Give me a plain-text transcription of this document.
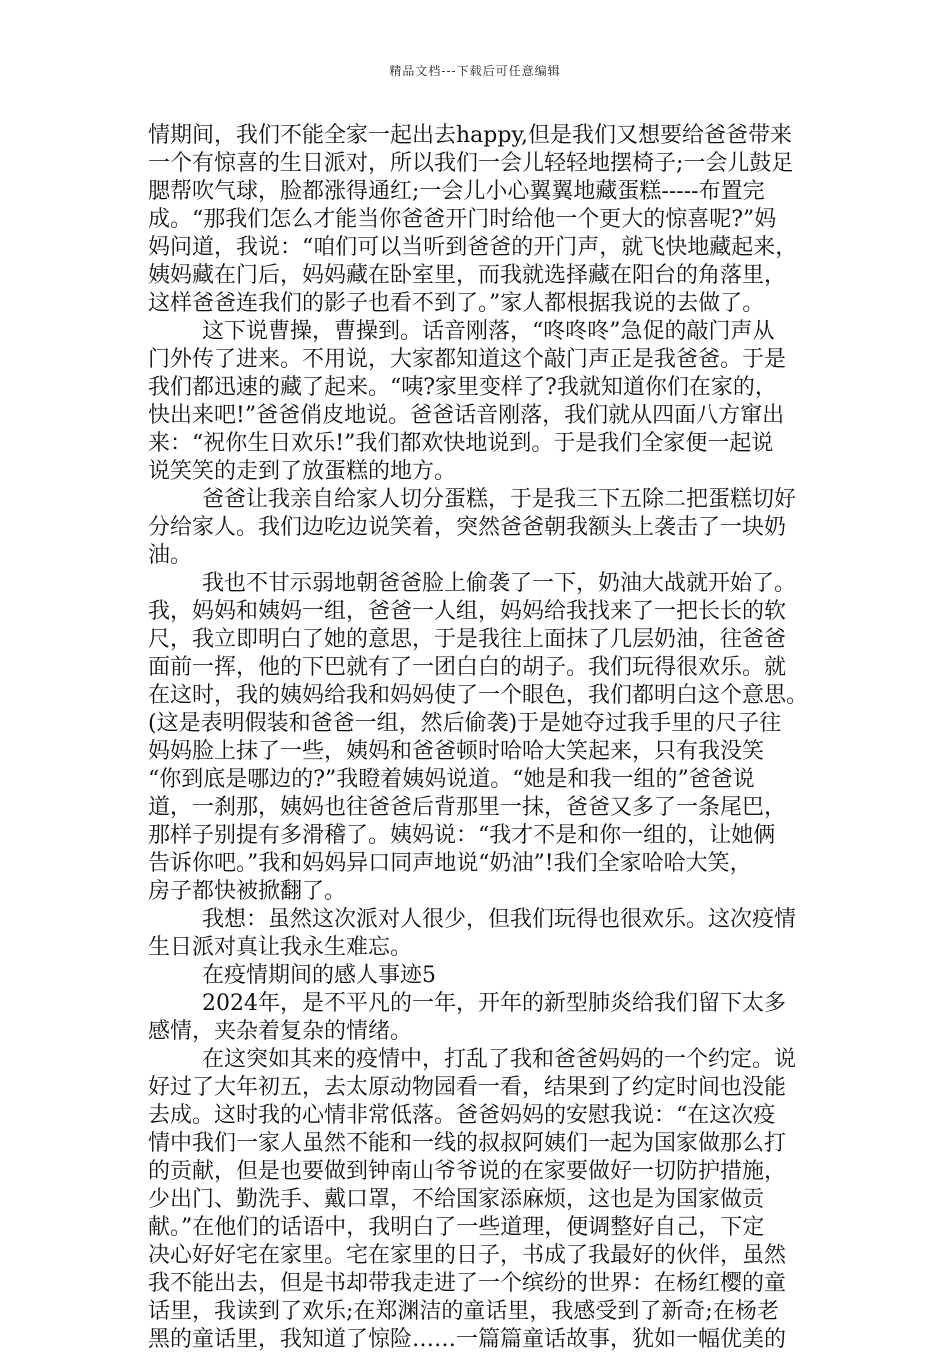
精品文档---下载后可任意编辑
情期间，我们不能全家一起出去happy,但是我们又想要给爸爸带来
一个有惊喜的生日派对，所以我们一会儿轻轻地摆椅子;一会儿鼓足
腮帮吹气球，脸都涨得通红;一会儿小心翼翼地藏蛋糕-----布置完
成。“那我们怎么才能当你爸爸开门时给他一个更大的惊喜呢?”妈
妈问道，我说：“咱们可以当听到爸爸的开门声，就飞快地藏起来，
姨妈藏在门后，妈妈藏在卧室里，而我就选择藏在阳台的角落里，
这样爸爸连我们的影子也看不到了。”家人都根据我说的去做了。
这下说曹操，曹操到。话音刚落，“咚咚咚”急促的敲门声从
门外传了进来。不用说，大家都知道这个敲门声正是我爸爸。于是
我们都迅速的藏了起来。“咦?家里变样了?我就知道你们在家的，
快出来吧!”爸爸俏皮地说。爸爸话音刚落，我们就从四面八方窜出
来：“祝你生日欢乐!”我们都欢快地说到。于是我们全家便一起说
说笑笑的走到了放蛋糕的地方。
爸爸让我亲自给家人切分蛋糕，于是我三下五除二把蛋糕切好
分给家人。我们边吃边说笑着，突然爸爸朝我额头上袭击了一块奶
油。
我也不甘示弱地朝爸爸脸上偷袭了一下，奶油大战就开始了。
我，妈妈和姨妈一组，爸爸一人组，妈妈给我找来了一把长长的软
尺，我立即明白了她的意思，于是我往上面抹了几层奶油，往爸爸
面前一挥，他的下巴就有了一团白白的胡子。我们玩得很欢乐。就
在这时，我的姨妈给我和妈妈使了一个眼色，我们都明白这个意思。
(这是表明假装和爸爸一组，然后偷袭)于是她夺过我手里的尺子往
妈妈脸上抹了一些，姨妈和爸爸顿时哈哈大笑起来，只有我没笑
“你到底是哪边的?”我瞪着姨妈说道。“她是和我一组的”爸爸说
道，一刹那，姨妈也往爸爸后背那里一抹，爸爸又多了一条尾巴，
那样子别提有多滑稽了。姨妈说：“我才不是和你一组的，让她俩
告诉你吧。”我和妈妈异口同声地说“奶油”!我们全家哈哈大笑，
房子都快被掀翻了。
我想：虽然这次派对人很少，但我们玩得也很欢乐。这次疫情
生日派对真让我永生难忘。
在疫情期间的感人事迹5
2024年，是不平凡的一年，开年的新型肺炎给我们留下太多
感情，夹杂着复杂的情绪。
在这突如其来的疫情中，打乱了我和爸爸妈妈的一个约定。说
好过了大年初五，去太原动物园看一看，结果到了约定时间也没能
去成。这时我的心情非常低落。爸爸妈妈的安慰我说：“在这次疫
情中我们一家人虽然不能和一线的叔叔阿姨们一起为国家做那么打
的贡献，但是也要做到钟南山爷爷说的在家要做好一切防护措施，
少出门、勤洗手、戴口罩，不给国家添麻烦，这也是为国家做贡
献。”在他们的话语中，我明白了一些道理，便调整好自己，下定
决心好好宅在家里。宅在家里的日子，书成了我最好的伙伴，虽然
我不能出去，但是书却带我走进了一个缤纷的世界：在杨红樱的童
话里，我读到了欢乐;在郑渊洁的童话里，我感受到了新奇;在杨老
黑的童话里，我知道了惊险……一篇篇童话故事，犹如一幅优美的
